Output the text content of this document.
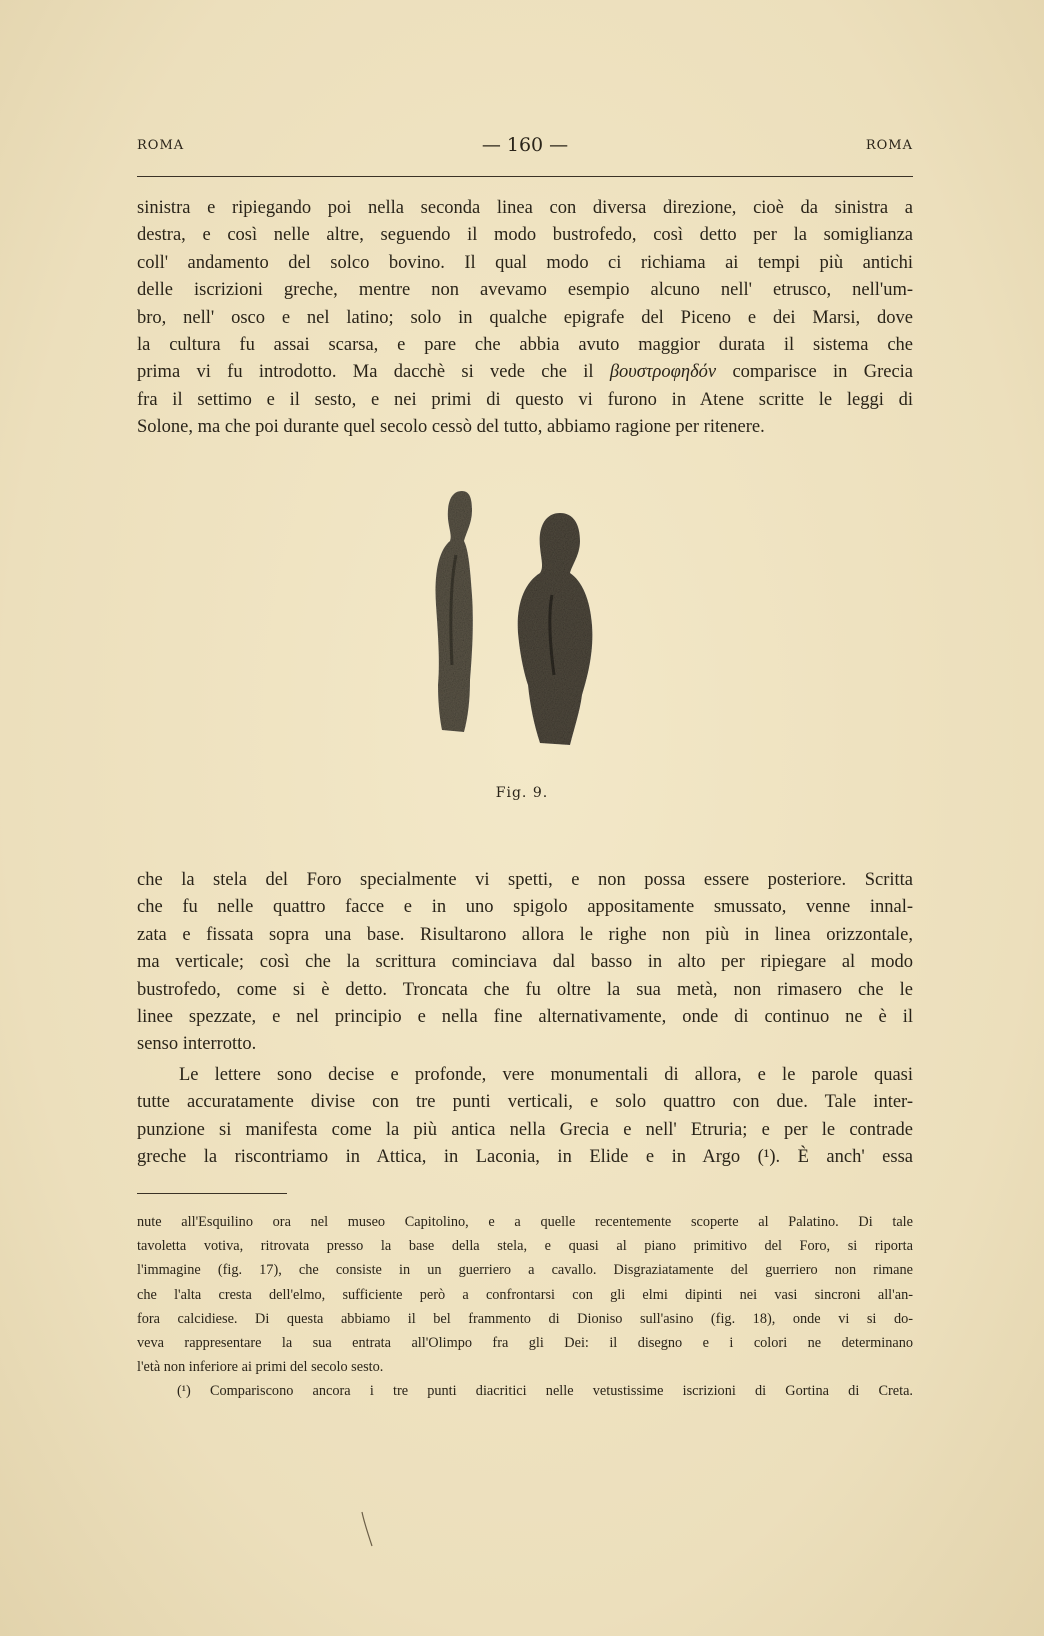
ROMA	— 160 —	ROMA
sinistra e ripiegando poi nella seconda linea con diversa direzione, cioè da sinistra a
destra, e così nelle altre, seguendo il modo bustrofedo, così detto per la somiglianza
coll' andamento del solco bovino. Il qual modo ci richiama ai tempi più antichi
delle iscrizioni greche, mentre non avevamo esempio alcuno nell' etrusco, nell'um-
bro, nell' osco e nel latino; solo in qualche epigrafe del Piceno e dei Marsi, dove
la cultura fu assai scarsa, e pare che abbia avuto maggior durata il sistema che
prima vi fu introdotto. Ma dacchè si vede che il βουστροφηδόν comparisce in Grecia
fra il settimo e il sesto, e nei primi di questo vi furono in Atene scritte le leggi di
Solone, ma che poi durante quel secolo cessò del tutto, abbiamo ragione per ritenere.
Fig. 9.
che la stela del Foro specialmente vi spetti, e non possa essere posteriore. Scritta
che fu nelle quattro facce e in uno spigolo appositamente smussato, venne innal-
zata e fissata sopra una base. Risultarono allora le righe non più in linea orizzontale,
ma verticale; così che la scrittura cominciava dal basso in alto per ripiegare al modo
bustrofedo, come si è detto. Troncata che fu oltre la sua metà, non rimasero che le
linee spezzate, e nel principio e nella fine alternativamente, onde di continuo ne è il
senso interrotto.
Le lettere sono decise e profonde, vere monumentali di allora, e le parole quasi
tutte accuratamente divise con tre punti verticali, e solo quattro con due. Tale inter-
punzione si manifesta come la più antica nella Grecia e nell' Etruria; e per le contrade
greche la riscontriamo in Attica, in Laconia, in Elide e in Argo (¹). È anch' essa
nute all'Esquilino ora nel museo Capitolino, e a quelle recentemente scoperte al Palatino. Di tale
tavoletta votiva, ritrovata presso la base della stela, e quasi al piano primitivo del Foro, si riporta
l'immagine (fig. 17), che consiste in un guerriero a cavallo. Disgraziatamente del guerriero non rimane
che l'alta cresta dell'elmo, sufficiente però a confrontarsi con gli elmi dipinti nei vasi sincroni all'an-
fora calcidiese. Di questa abbiamo il bel frammento di Dioniso sull'asino (fig. 18), onde vi si do-
veva rappresentare la sua entrata all'Olimpo fra gli Dei: il disegno e i colori ne determinano
l'età non inferiore ai primi del secolo sesto.
(¹) Compariscono ancora i tre punti diacritici nelle vetustissime iscrizioni di Gortina di Creta.
